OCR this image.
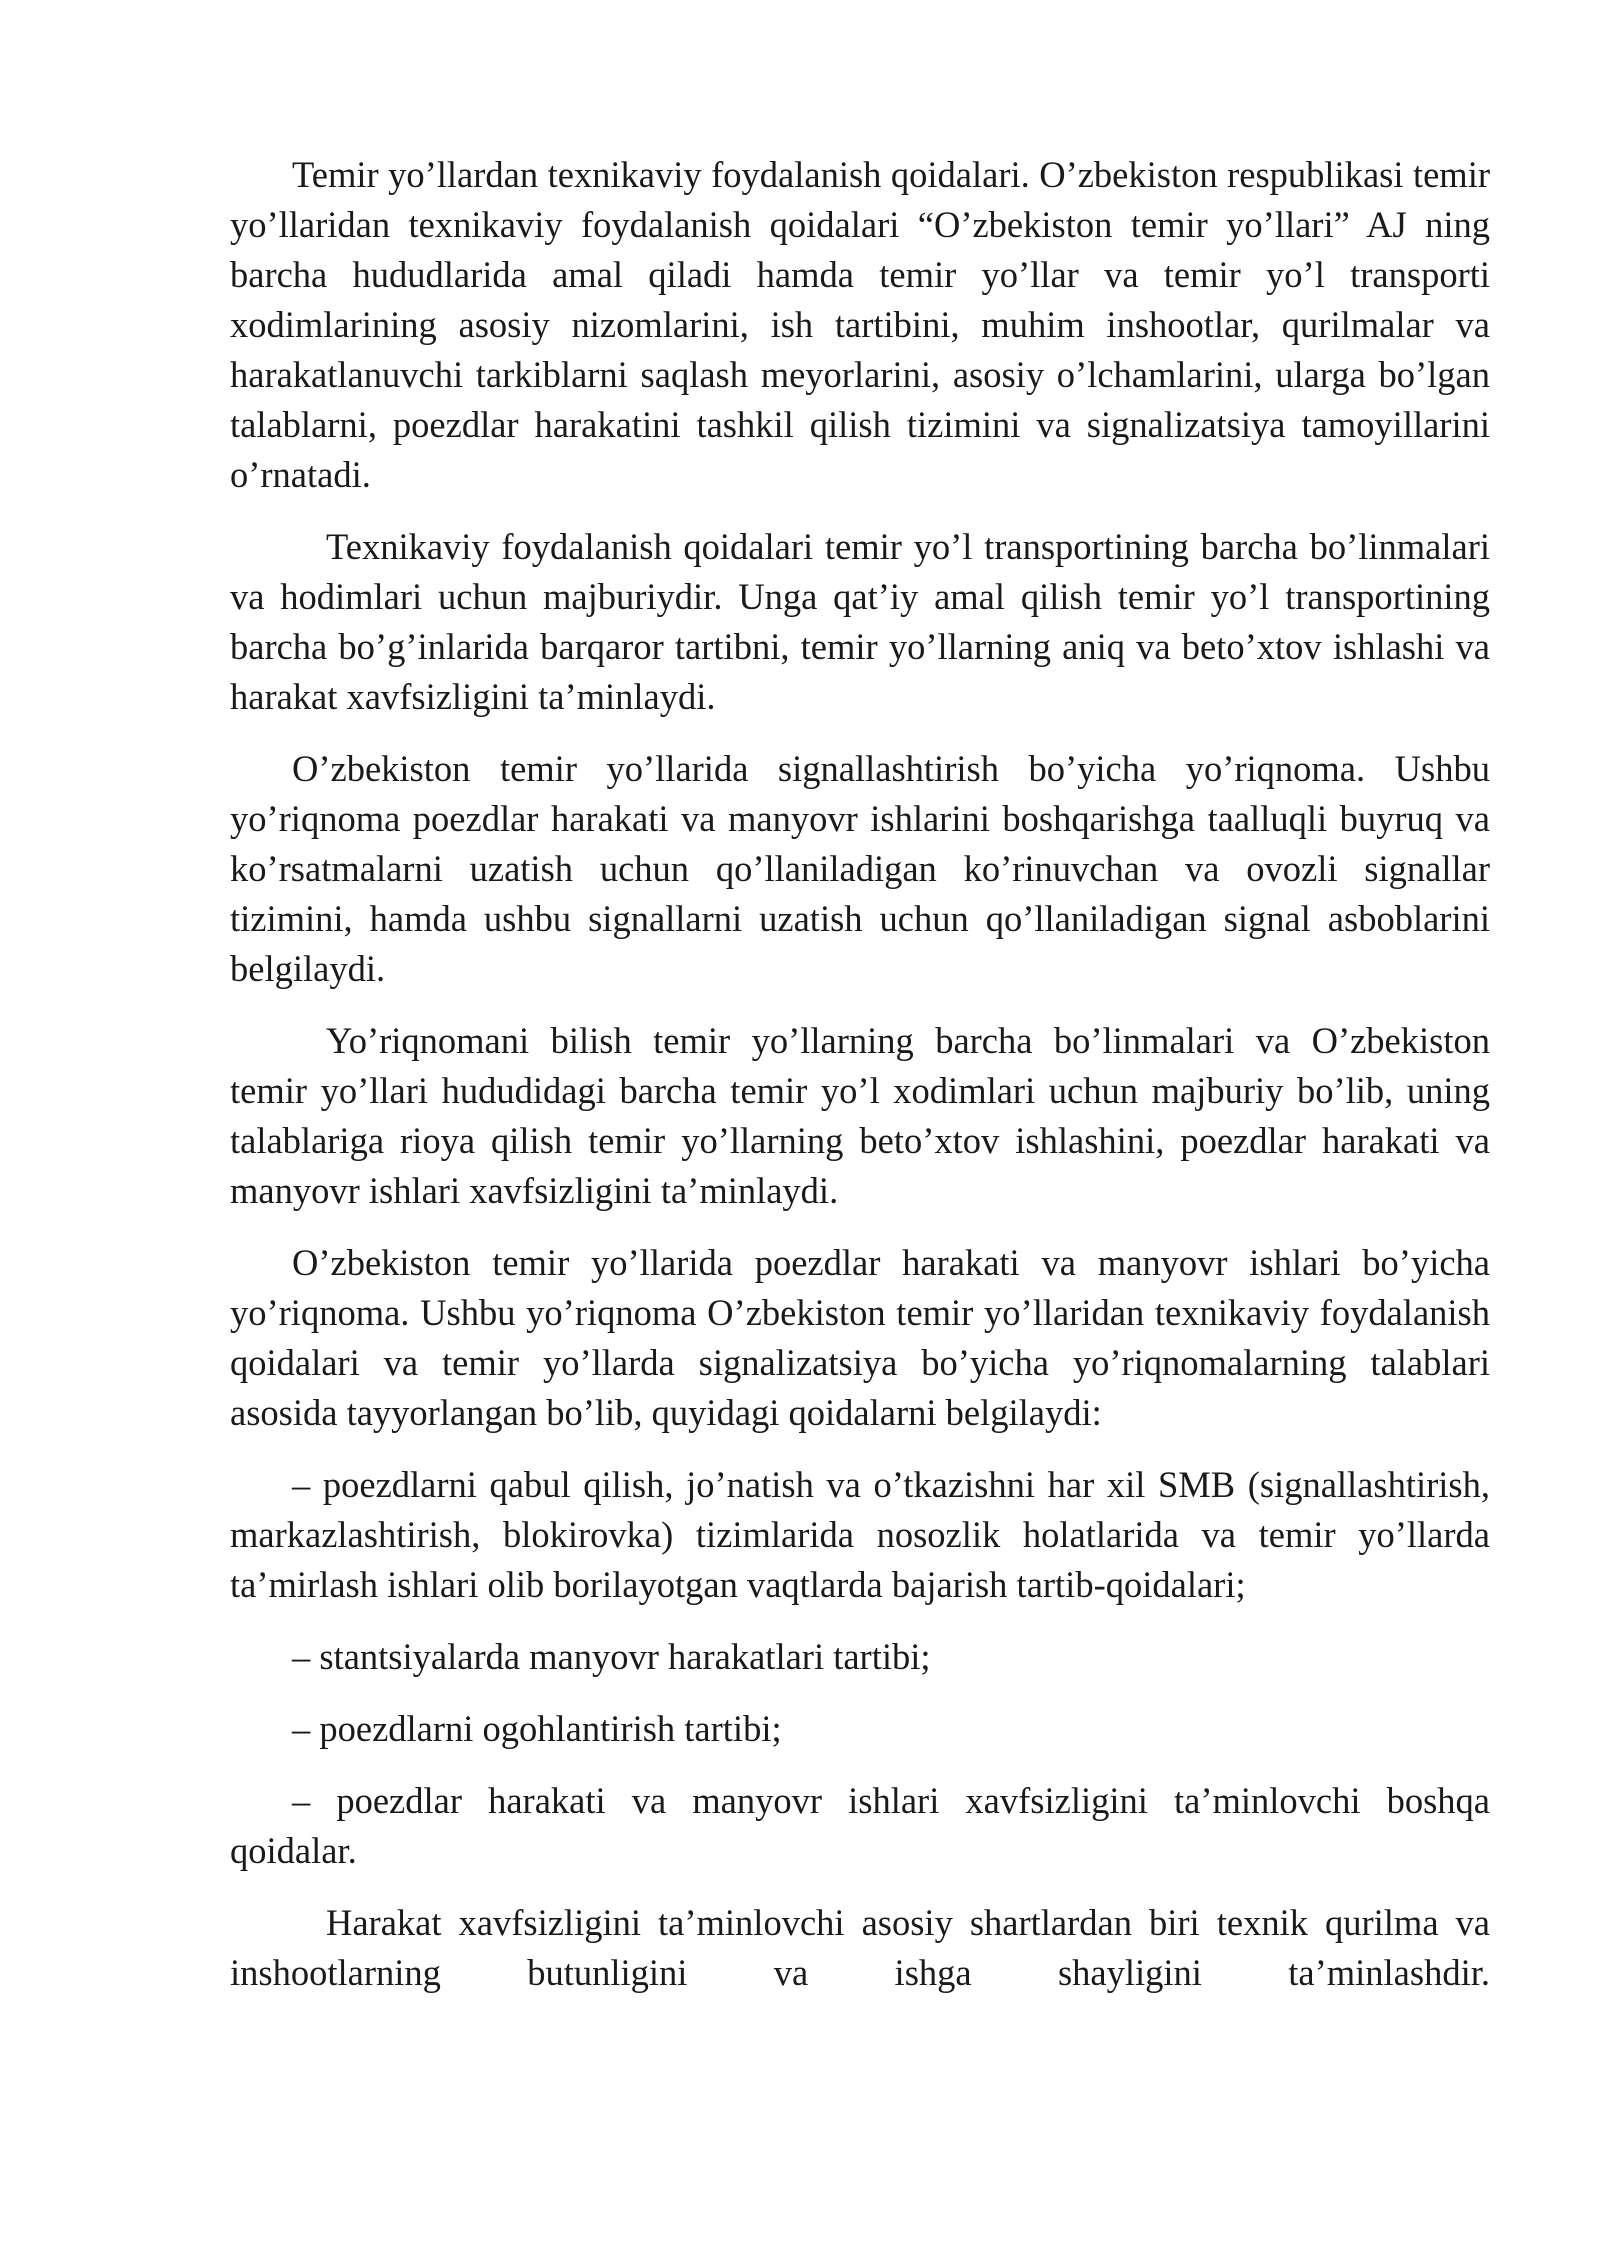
Temir yo’llardan texnikaviy foydalanish qoidalari. O’zbekiston respublikasi temir yo’llaridan texnikaviy foydalanish qoidalari “O’zbekiston temir yo’llari” AJ ning barcha hududlarida amal qiladi hamda temir yo’llar va temir yo’l transporti xodimlarining asosiy nizomlarini, ish tartibini, muhim inshootlar, qurilmalar va harakatlanuvchi tarkiblarni saqlash meyorlarini, asosiy o’lchamlarini, ularga bo’lgan talablarni, poezdlar harakatini tashkil qilish tizimini va signalizatsiya tamoyillarini o’rnatadi.

Texnikaviy foydalanish qoidalari temir yo’l transportining barcha bo’linmalari va hodimlari uchun majburiydir. Unga qat’iy amal qilish temir yo’l transportining barcha bo’g’inlarida barqaror tartibni, temir yo’llarning aniq va beto’xtov ishlashi va harakat xavfsizligini ta’minlaydi.

O’zbekiston temir yo’llarida signallashtirish bo’yicha yo’riqnoma. Ushbu yo’riqnoma poezdlar harakati va manyovr ishlarini boshqarishga taalluqli buyruq va ko’rsatmalarni uzatish uchun qo’llaniladigan ko’rinuvchan va ovozli signallar tizimini, hamda ushbu signallarni uzatish uchun qo’llaniladigan signal asboblarini belgilaydi.

Yo’riqnomani bilish temir yo’llarning barcha bo’linmalari va O’zbekiston temir yo’llari hududidagi barcha temir yo’l xodimlari uchun majburiy bo’lib, uning talablariga rioya qilish temir yo’llarning beto’xtov ishlashini, poezdlar harakati va manyovr ishlari xavfsizligini ta’minlaydi.

O’zbekiston temir yo’llarida poezdlar harakati va manyovr ishlari bo’yicha yo’riqnoma. Ushbu yo’riqnoma O’zbekiston temir yo’llaridan texnikaviy foydalanish qoidalari va temir yo’llarda signalizatsiya bo’yicha yo’riqnomalarning talablari asosida tayyorlangan bo’lib, quyidagi qoidalarni belgilaydi:

– poezdlarni qabul qilish, jo’natish va o’tkazishni har xil SMB (signallashtirish, markazlashtirish, blokirovka) tizimlarida nosozlik holatlarida va temir yo’llarda ta’mirlash ishlari olib borilayotgan vaqtlarda bajarish tartib-qoidalari;

– stantsiyalarda manyovr harakatlari tartibi;

– poezdlarni ogohlantirish tartibi;

– poezdlar harakati va manyovr ishlari xavfsizligini ta’minlovchi boshqa qoidalar.

Harakat xavfsizligini ta’minlovchi asosiy shartlardan biri texnik qurilma va inshootlarning butunligini va ishga shayligini ta’minlashdir.
